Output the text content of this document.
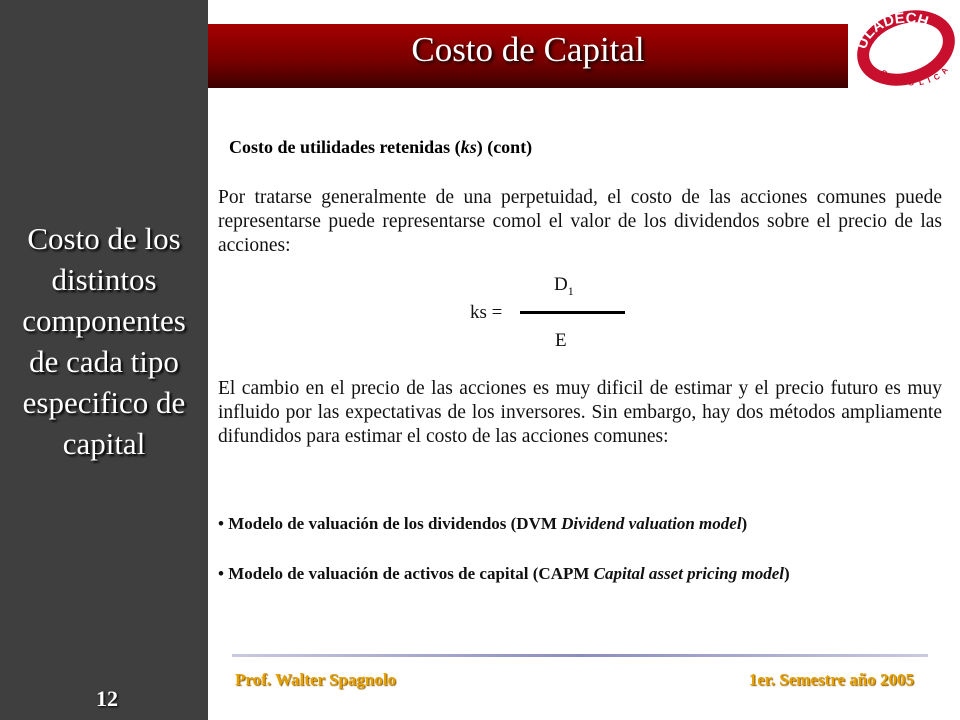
Costo de los
distintos
componentes
de cada tipo
especifico de
capital
12
Costo de Capital	ULADECH
CATOLICA
Costo de utilidades retenidas (ks) (cont)
Por tratarse generalmente de una perpetuidad, el costo de las acciones comunes puede representarse puede representarse comol el valor de los dividendos sobre el precio de las acciones:
$D_1$
ks =
E
El cambio en el precio de las acciones es muy dificil de estimar y el precio futuro es muy influido por las expectativas de los inversores. Sin embargo, hay dos métodos ampliamente difundidos para estimar el costo de las acciones comunes:
• Modelo de valuación de los dividendos (DVM Dividend valuation model)
• Modelo de valuación de activos de capital (CAPM Capital asset pricing model)
Prof. Walter Spagnolo	1er. Semestre año 2005
